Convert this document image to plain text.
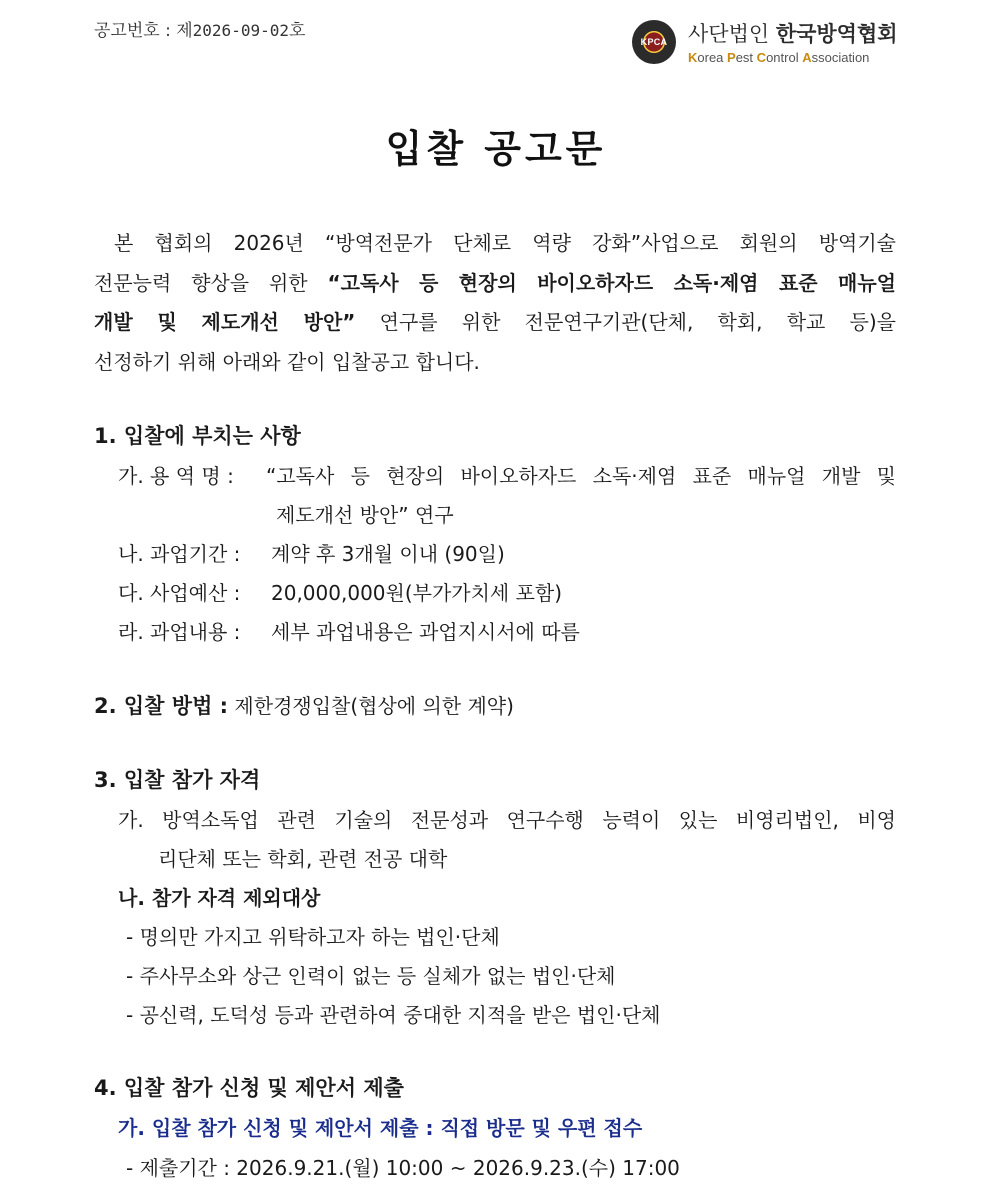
공고번호 : 제2026-09-02호
KPCA 사단법인 한국방역협회
Korea Pest Control Association
입찰 공고문
본 협회의 2026년 “방역전문가 단체로 역량 강화”사업으로 회원의 방역기술
전문능력 향상을 위한 “고독사 등 현장의 바이오하자드 소독·제염 표준 매뉴얼
개발 및 제도개선 방안” 연구를 위한 전문연구기관(단체, 학회, 학교 등)을
선정하기 위해 아래와 같이 입찰공고 합니다.
1. 입찰에 부치는 사항
가. 용 역 명 : “고독사 등 현장의 바이오하자드 소독·제염 표준 매뉴얼 개발 및
제도개선 방안” 연구
나. 과업기간 : 계약 후 3개월 이내 (90일)
다. 사업예산 : 20,000,000원(부가가치세 포함)
라. 과업내용 : 세부 과업내용은 과업지시서에 따름
2. 입찰 방법 : 제한경쟁입찰(협상에 의한 계약)
3. 입찰 참가 자격
가. 방역소독업 관련 기술의 전문성과 연구수행 능력이 있는 비영리법인, 비영
리단체 또는 학회, 관련 전공 대학
나. 참가 자격 제외대상
- 명의만 가지고 위탁하고자 하는 법인·단체
- 주사무소와 상근 인력이 없는 등 실체가 없는 법인·단체
- 공신력, 도덕성 등과 관련하여 중대한 지적을 받은 법인·단체
4. 입찰 참가 신청 및 제안서 제출
가. 입찰 참가 신청 및 제안서 제출 : 직접 방문 및 우편 접수
- 제출기간 : 2026.9.21.(월) 10:00 ~ 2026.9.23.(수) 17:00
